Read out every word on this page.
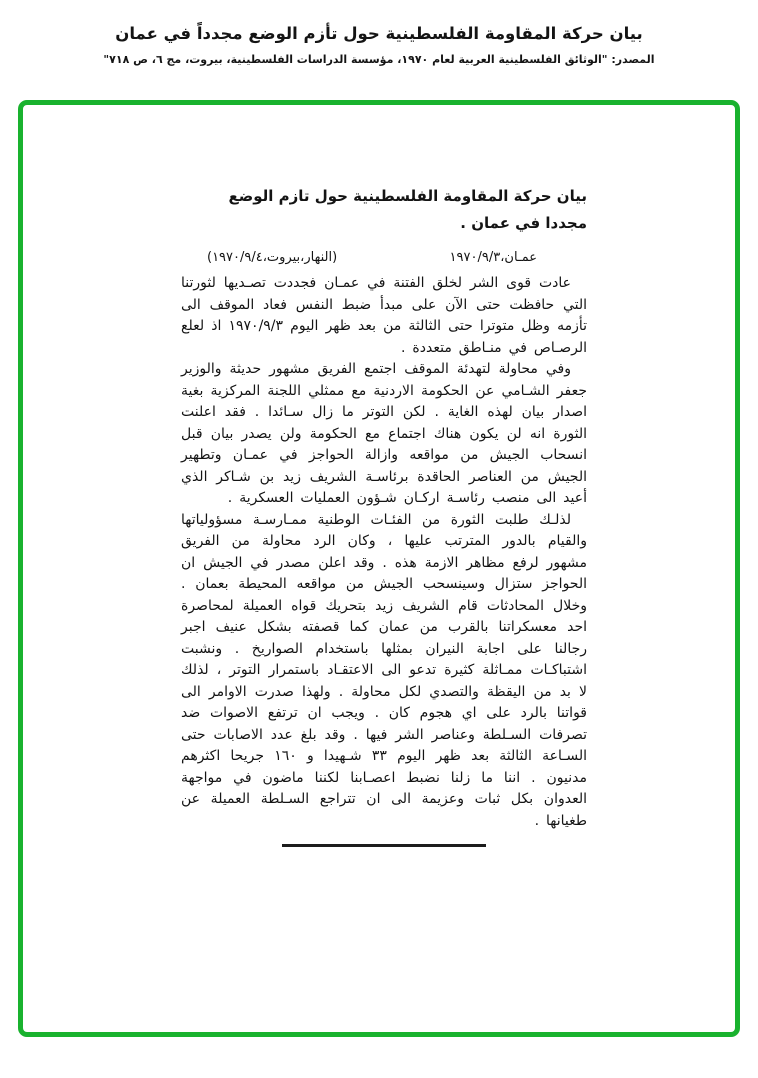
بيان حركة المقاومة الفلسطينية حول تأزم الوضع مجدداً في عمان
المصدر: "الوثائق الفلسطينية العربية لعام ١٩٧٠، مؤسسة الدراسات الفلسطينية، بيروت، مج ٦، ص ٧١٨"
بيان حركة المقاومة الفلسطينية حول تازم الوضع مجددا في عمان .
عمـان،١٩٧٠/٩/٣
(النهار،بيروت،١٩٧٠/٩/٤)

عادت قوى الشر لخلق الفتنة في عمـان فجددت تصـديها لثورتنا التي حافظت حتى الآن على مبدأ ضبط النفس فعاد الموقف الى تأزمه وظل متوترا حتى الثالثة من بعد ظهر اليوم ١٩٧٠/٩/٣ اذ لعلع الرصـاص في منـاطق متعددة .

وفي محاولة لتهدئة الموقف اجتمع الفريق مشهور حديثة والوزير جعفر الشـامي عن الحكومة الاردنية مع ممثلي اللجنة المركزية بغية اصدار بيان لهذه الغاية . لكن التوتر ما زال سـائدا . فقد اعلنت الثورة انه لن يكون هناك اجتماع مع الحكومة ولن يصدر بيان قبل انسحاب الجيش من مواقعه وازالة الحواجز في عمـان وتطهير الجيش من العناصر الحاقدة برئاسـة الشريف زيد بن شـاكر الذي أعيد الى منصب رئاسـة اركـان شـؤون العمليات العسكرية .

لذلـك طلبت الثورة من الفئـات الوطنية ممـارسـة مسؤولياتها والقيام بالدور المترتب عليها ، وكان الرد محاولة من الفريق مشهور لرفع مظاهر الازمة هذه . وقد اعلن مصدر في الجيش ان الحواجز ستزال وسينسحب الجيش من مواقعه المحيطة بعمان . وخلال المحادثات قام الشريف زيد بتحريك قواه العميلة لمحاصرة احد معسكراتنا بالقرب من عمان كما قصفته بشكل عنيف اجبر رجالنا على اجابة النيران بمثلها باستخدام الصواريخ . ونشبت اشتباكـات ممـاثلة كثيرة تدعو الى الاعتقـاد باستمرار التوتر ، لذلك لا بد من اليقظة والتصدي لكل محاولة . ولهذا صدرت الاوامر الى قواتنا بالرد على اي هجوم كان . ويجب ان ترتفع الاصوات ضد تصرفات السـلطة وعناصر الشر فيها . وقد بلغ عدد الاصابات حتى السـاعة الثالثة بعد ظهر اليوم ٣٣ شـهيدا و ١٦٠ جريحا اكثرهم مدنيون . اننا ما زلنا نضبط اعصـابنا لكننا ماضون في مواجهة العدوان بكل ثبات وعزيمة الى ان تتراجع السـلطة العميلة عن طغيانها .
